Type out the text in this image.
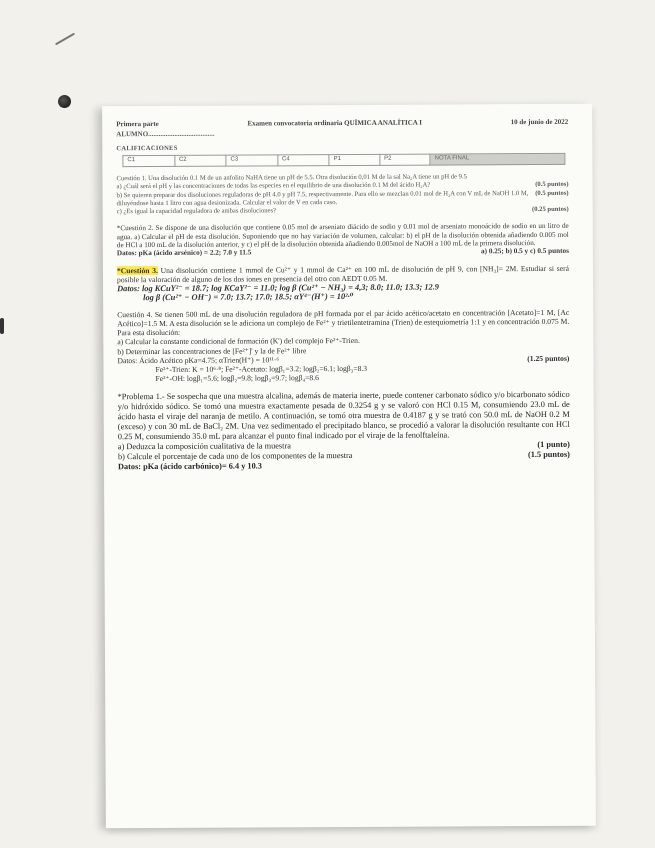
Primera parte	Examen convocatoria ordinaria QUÍMICA ANALÍTICA I	10 de junio de 2022
ALUMNO......................................
CALIFICACIONES
C1	C2	C3	C4	P1	P2	NOTA FINAL

Cuestión 1. Una disolución 0.1 M de un anfolito NaHA tiene un pH de 5.5. Otra disolución 0,01 M de la sal Na₂A tiene un pH de 9.5

a) ¿Cuál será el pH y las concentraciones de todas las especies en el equilibrio de una disolución 0.1 M del ácido H₂A?	(0.5 puntos)
b) Se quieren preparar dos disoluciones reguladoras de pH 4.0 y pH 7.5, respectivamente. Para ello se mezclan 0.01 mol de H₂A con V mL de NaOH 1.0 M, diluyéndose hasta 1 litro con agua desionizada. Calcular el valor de V en cada caso.
(0.5 puntos)
c) ¿Es igual la capacidad reguladora de ambas disoluciones?	(0.25 puntos)

*Cuestión 2. Se dispone de una disolución que contiene 0.05 mol de arseniato diácido de sodio y 0.01 mol de arseniato monoácido de sodio en un litro de agua. a) Calcular el pH de esta disolución. Suponiendo que no hay variación de volumen, calcular: b) el pH de la disolución obtenida añadiendo 0.005 mol de HCl a 100 mL de la disolución anterior, y c) el pH de la disolución obtenida añadiendo 0.005mol de NaOH a 100 mL de la primera disolución.

Datos: pKa (ácido arsénico) = 2.2; 7.0 y 11.5	a) 0.25; b) 0.5 y c) 0.5 puntos

*Cuestión 3. Una disolución contiene 1 mmol de Cu²⁺ y 1 mmol de Ca²⁺ en 100 mL de disolución de pH 9, con [NH₃]= 2M. Estudiar si será posible la valoración de alguno de los dos iones en presencia del otro con AEDT 0.05 M.

Datos: log KCuY²⁻ = 18.7; log KCaY²⁻ = 11.0; log β (Cu²⁺ − NH₃) = 4,3; 8.0; 11.0; 13.3; 12.9
log β (Cu²⁺ − OH⁻) = 7.0; 13.7; 17.0; 18.5; αY⁴⁻(H⁺) = 10²·⁰

Cuestión 4. Se tienen 500 mL de una disolución reguladora de pH formada por el par ácido acético/acetato en concentración [Acetato]=1 M, [Ac Acético]=1.5 M. A esta disolución se le adiciona un complejo de Fe²⁺ y trietilentetramina (Trien) de estequiometría 1:1 y en concentración 0.075 M. Para esta disolución:

a) Calcular la constante condicional de formación (K') del complejo Fe²⁺-Trien.
b) Determinar las concentraciones de [Fe²⁺]' y la de Fe²⁺ libre
Datos: Ácido Acético pKa=4.75; αTrien(H⁺) = 10¹¹·⁶	(1.25 puntos)
Fe²⁺-Trien: K = 10⁶·⁸; Fe²⁺-Acetato: logβ₁=3.2; logβ₂=6.1; logβ₃=8.3
Fe²⁺-OH: logβ₁=5.6; logβ₂=9.8; logβ₃=9.7; logβ₄=8.6

*Problema 1.- Se sospecha que una muestra alcalina, además de materia inerte, puede contener carbonato sódico y/o bicarbonato sódico y/o hidróxido sódico. Se tomó una muestra exactamente pesada de 0.3254 g y se valoró con HCl 0.15 M, consumiendo 23.0 mL de ácido hasta el viraje del naranja de metilo. A continuación, se tomó otra muestra de 0.4187 g y se trató con 50.0 mL de NaOH 0.2 M (exceso) y con 30 mL de BaCl₂ 2M. Una vez sedimentado el precipitado blanco, se procedió a valorar la disolución resultante con HCl 0.25 M, consumiendo 35.0 mL para alcanzar el punto final indicado por el viraje de la fenolftaleína.

a) Deduzca la composición cualitativa de la muestra	(1 punto)
b) Calcule el porcentaje de cada uno de los componentes de la muestra	(1.5 puntos)
Datos: pKa (ácido carbónico)= 6.4 y 10.3
